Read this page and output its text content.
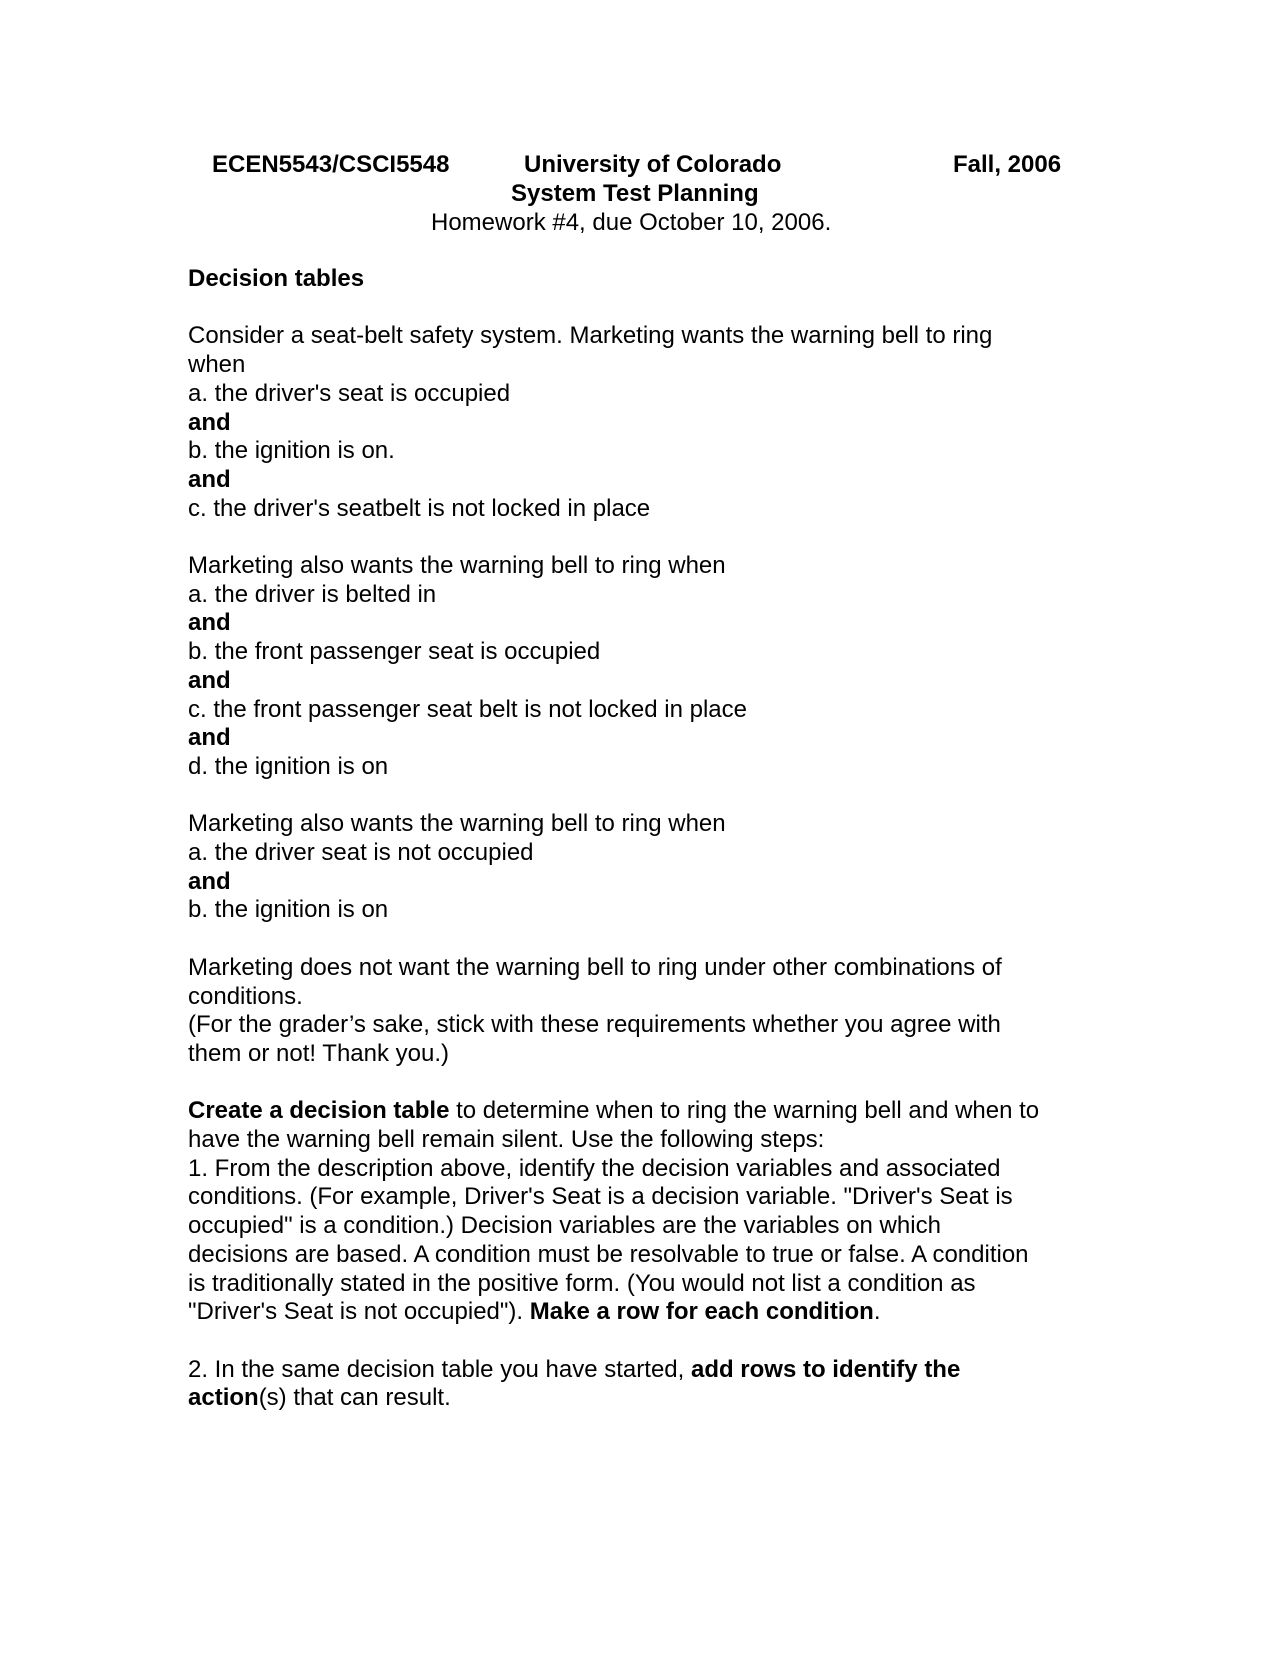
ECEN5543/CSCI5548	University of Colorado	Fall, 2006
System Test Planning
Homework #4, due October 10, 2006.
Decision tables
Consider a seat-belt safety system. Marketing wants the warning bell to ring
when
a. the driver's seat is occupied
and
b. the ignition is on.
and
c. the driver's seatbelt is not locked in place
Marketing also wants the warning bell to ring when
a. the driver is belted in
and
b. the front passenger seat is occupied
and
c. the front passenger seat belt is not locked in place
and
d. the ignition is on
Marketing also wants the warning bell to ring when
a. the driver seat is not occupied
and
b. the ignition is on
Marketing does not want the warning bell to ring under other combinations of
conditions.
(For the grader’s sake, stick with these requirements whether you agree with
them or not! Thank you.)
Create a decision table to determine when to ring the warning bell and when to
have the warning bell remain silent. Use the following steps:
1. From the description above, identify the decision variables and associated
conditions. (For example, Driver's Seat is a decision variable. "Driver's Seat is
occupied" is a condition.) Decision variables are the variables on which
decisions are based. A condition must be resolvable to true or false. A condition
is traditionally stated in the positive form. (You would not list a condition as
"Driver's Seat is not occupied"). Make a row for each condition.
2. In the same decision table you have started, add rows to identify the
action(s) that can result.
